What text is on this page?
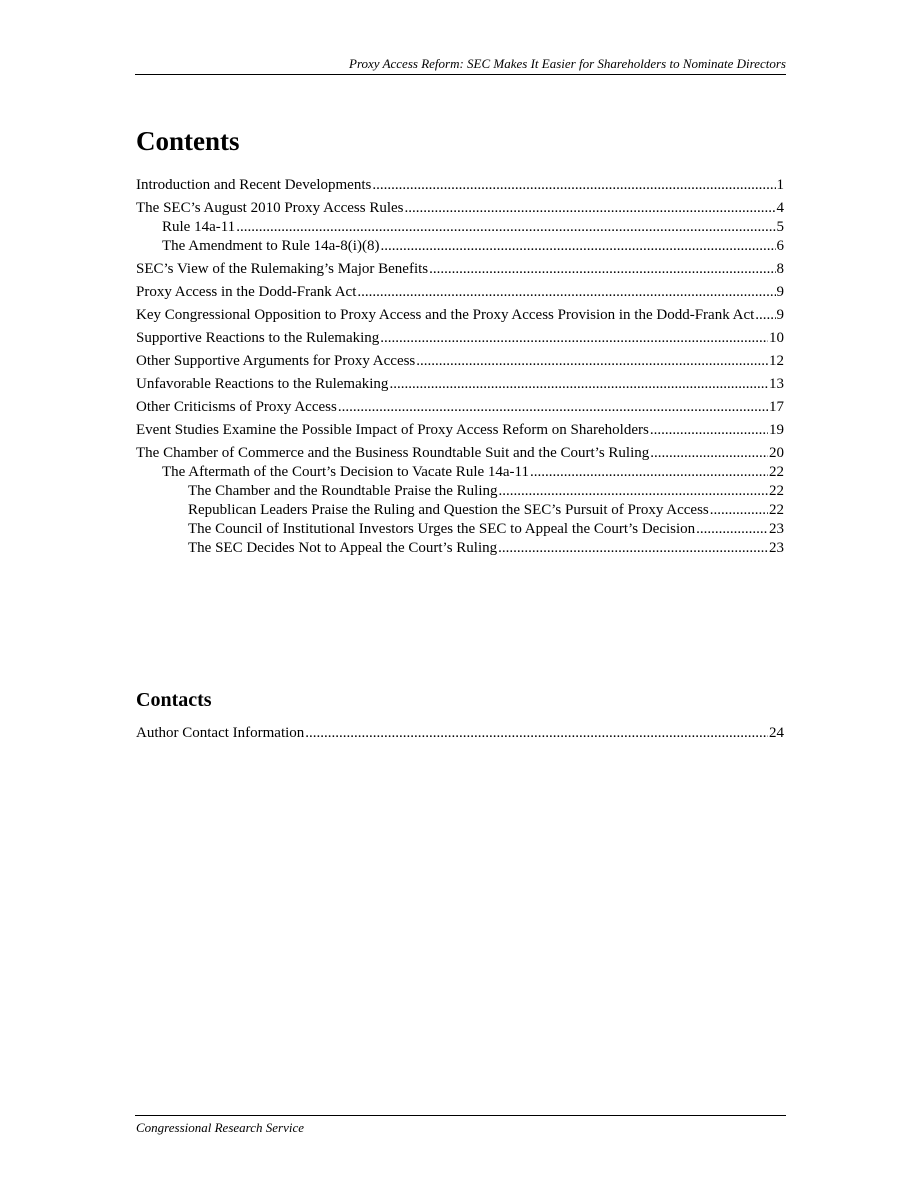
Proxy Access Reform: SEC Makes It Easier for Shareholders to Nominate Directors
Contents
Introduction and Recent Developments .....	1
The SEC’s August 2010 Proxy Access Rules .....	4
Rule 14a-11 .....	5
The Amendment to Rule 14a-8(i)(8) .....	6
SEC’s View of the Rulemaking’s Major Benefits .....	8
Proxy Access in the Dodd-Frank Act .....	9
Key Congressional Opposition to Proxy Access and the Proxy Access Provision in the Dodd-Frank Act ..... 9
Supportive Reactions to the Rulemaking .....	10
Other Supportive Arguments for Proxy Access .....	12
Unfavorable Reactions to the Rulemaking .....	13
Other Criticisms of Proxy Access .....	17
Event Studies Examine the Possible Impact of Proxy Access Reform on Shareholders .....	19
The Chamber of Commerce and the Business Roundtable Suit and the Court’s Ruling .....	20
The Aftermath of the Court’s Decision to Vacate Rule 14a-11 .....	22
The Chamber and the Roundtable Praise the Ruling .....	22
Republican Leaders Praise the Ruling and Question the SEC’s Pursuit of Proxy Access .....	22
The Council of Institutional Investors Urges the SEC to Appeal the Court’s Decision .....	23
The SEC Decides Not to Appeal the Court’s Ruling .....	23
Contacts
Author Contact Information .....	24
Congressional Research Service
